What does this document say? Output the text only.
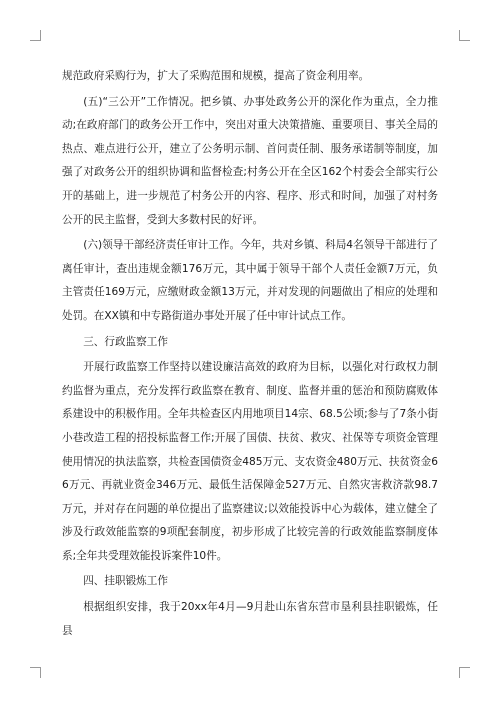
规范政府采购行为，扩大了采购范围和规模，提高了资金利用率。

(五)“三公开”工作情况。把乡镇、办事处政务公开的深化作为重点，全力推动;在政府部门的政务公开工作中，突出对重大决策措施、重要项目、事关全局的热点、难点进行公开，建立了公务明示制、首问责任制、服务承诺制等制度，加强了对政务公开的组织协调和监督检查;村务公开在全区162个村委会全部实行公开的基础上，进一步规范了村务公开的内容、程序、形式和时间，加强了对村务公开的民主监督，受到大多数村民的好评。

(六)领导干部经济责任审计工作。今年，共对乡镇、科局4名领导干部进行了离任审计，查出违规金额176万元，其中属于领导干部个人责任金额7万元，负主管责任169万元，应缴财政金额13万元，并对发现的问题做出了相应的处理和处罚。在XX镇和中专路街道办事处开展了任中审计试点工作。

三、行政监察工作

开展行政监察工作坚持以建设廉洁高效的政府为目标，以强化对行政权力制约监督为重点，充分发挥行政监察在教育、制度、监督并重的惩治和预防腐败体系建设中的积极作用。全年共检查区内用地项目14宗、68.5公顷;参与了7条小街小巷改造工程的招投标监督工作;开展了国债、扶贫、救灾、社保等专项资金管理使用情况的执法监察，共检查国债资金485万元、支农资金480万元、扶贫资金66万元、再就业资金346万元、最低生活保障金527万元、自然灾害救济款98.7万元，并对存在问题的单位提出了监察建议;以效能投诉中心为载体，建立健全了涉及行政效能监察的9项配套制度，初步形成了比较完善的行政效能监察制度体系;全年共受理效能投诉案件10件。

四、挂职锻炼工作

根据组织安排，我于20xx年4月—9月赴山东省东营市垦利县挂职锻炼，任县
